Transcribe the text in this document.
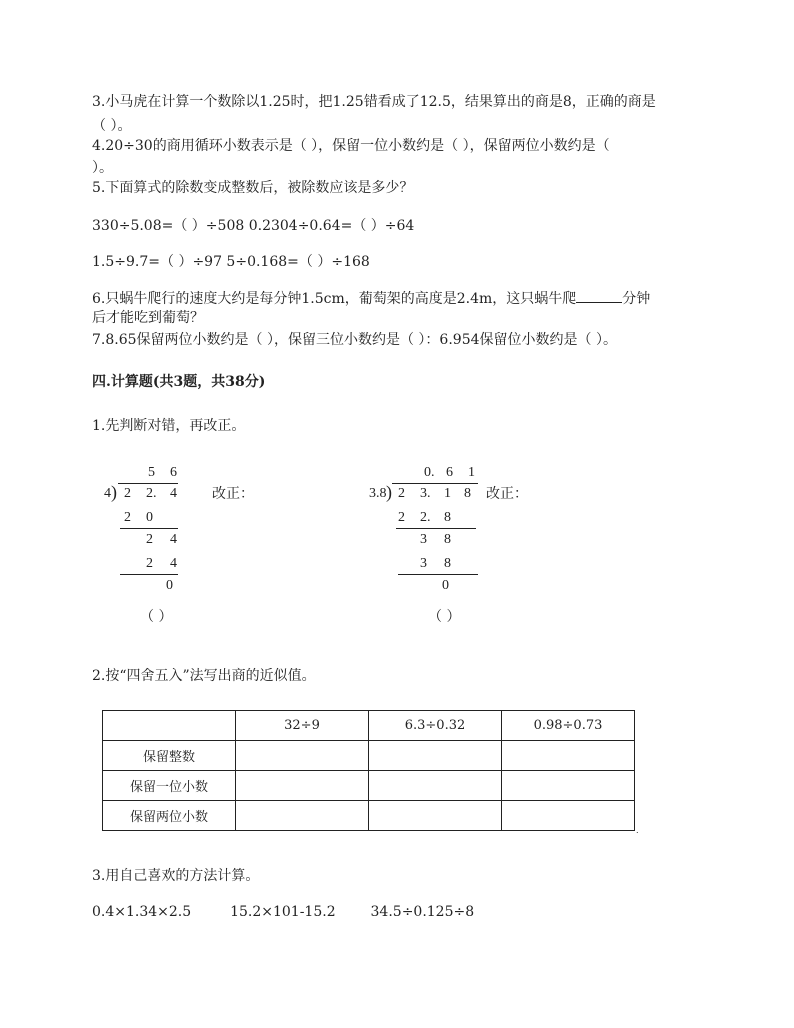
3.小马虎在计算一个数除以1.25时，把1.25错看成了12.5，结果算出的商是8，正确的商是
（ ）。
4.20÷30的商用循环小数表示是（ ），保留一位小数约是（ ），保留两位小数约是（
）。
5.下面算式的除数变成整数后，被除数应该是多少？
330÷5.08=（ ）÷508 0.2304÷0.64=（ ）÷64
1.5÷9.7=（ ）÷97 5÷0.168=（ ）÷168
6.只蜗牛爬行的速度大约是每分钟1.5cm，葡萄架的高度是2.4m，这只蜗牛爬	分钟
后才能吃到葡萄？
7.8.65保留两位小数约是（ ），保留三位小数约是（ ）：6.954保留位小数约是（ ）。
四.计算题(共3题，共38分)
1.先判断对错，再改正。
5 6
4 ) 2 2. 4
2 0
2 4
2 4
0
（ ）
改正：
0. 6 1
3.8 ) 2 3. 1 8
2 2. 8
3 8
3 8
0
（ ）
改正：
2.按“四舍五入”法写出商的近似值。
	32÷9	6.3÷0.32	0.98÷0.73
保留整数			
保留一位小数			
保留两位小数			
.
3.用自己喜欢的方法计算。
0.4×1.34×2.5	15.2×101-15.2 34.5÷0.125÷8
